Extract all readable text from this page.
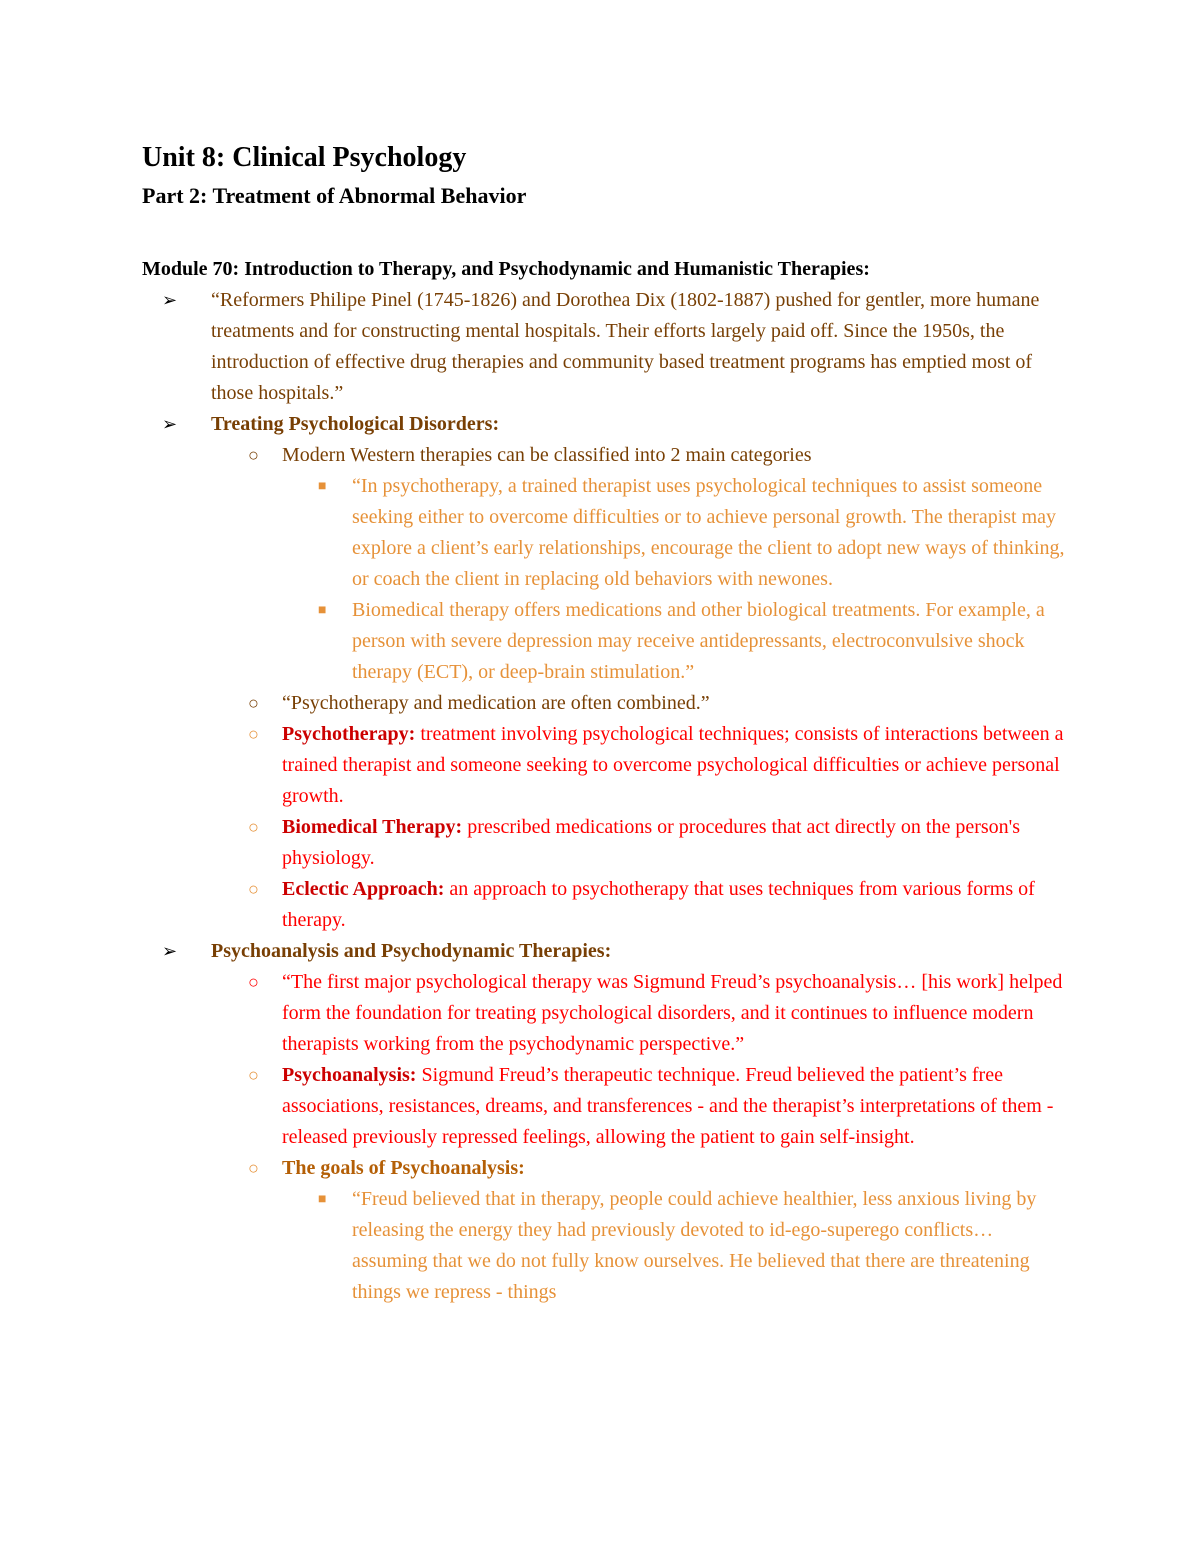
Unit 8: Clinical Psychology
Part 2: Treatment of Abnormal Behavior
Module 70: Introduction to Therapy, and Psychodynamic and Humanistic Therapies:
➢ “Reformers Philipe Pinel (1745-1826) and Dorothea Dix (1802-1887) pushed for gentler, more humane treatments and for constructing mental hospitals. Their efforts largely paid off. Since the 1950s, the introduction of effective drug therapies and community based treatment programs has emptied most of those hospitals.”
➢ Treating Psychological Disorders:
○ Modern Western therapies can be classified into 2 main categories
■ “In psychotherapy, a trained therapist uses psychological techniques to assist someone seeking either to overcome difficulties or to achieve personal growth. The therapist may explore a client’s early relationships, encourage the client to adopt new ways of thinking, or coach the client in replacing old behaviors with newones.
■ Biomedical therapy offers medications and other biological treatments. For example, a person with severe depression may receive antidepressants, electroconvulsive shock therapy (ECT), or deep-brain stimulation.”
○ “Psychotherapy and medication are often combined.”
○ Psychotherapy: treatment involving psychological techniques; consists of interactions between a trained therapist and someone seeking to overcome psychological difficulties or achieve personal growth.
○ Biomedical Therapy: prescribed medications or procedures that act directly on the person's physiology.
○ Eclectic Approach: an approach to psychotherapy that uses techniques from various forms of therapy.
➢ Psychoanalysis and Psychodynamic Therapies:
○ “The first major psychological therapy was Sigmund Freud’s psychoanalysis… [his work] helped form the foundation for treating psychological disorders, and it continues to influence modern therapists working from the psychodynamic perspective.”
○ Psychoanalysis: Sigmund Freud’s therapeutic technique. Freud believed the patient’s free associations, resistances, dreams, and transferences - and the therapist’s interpretations of them -released previously repressed feelings, allowing the patient to gain self-insight.
○ The goals of Psychoanalysis:
■ “Freud believed that in therapy, people could achieve healthier, less anxious living by releasing the energy they had previously devoted to id-ego-superego conflicts… assuming that we do not fully know ourselves. He believed that there are threatening things we repress - things
